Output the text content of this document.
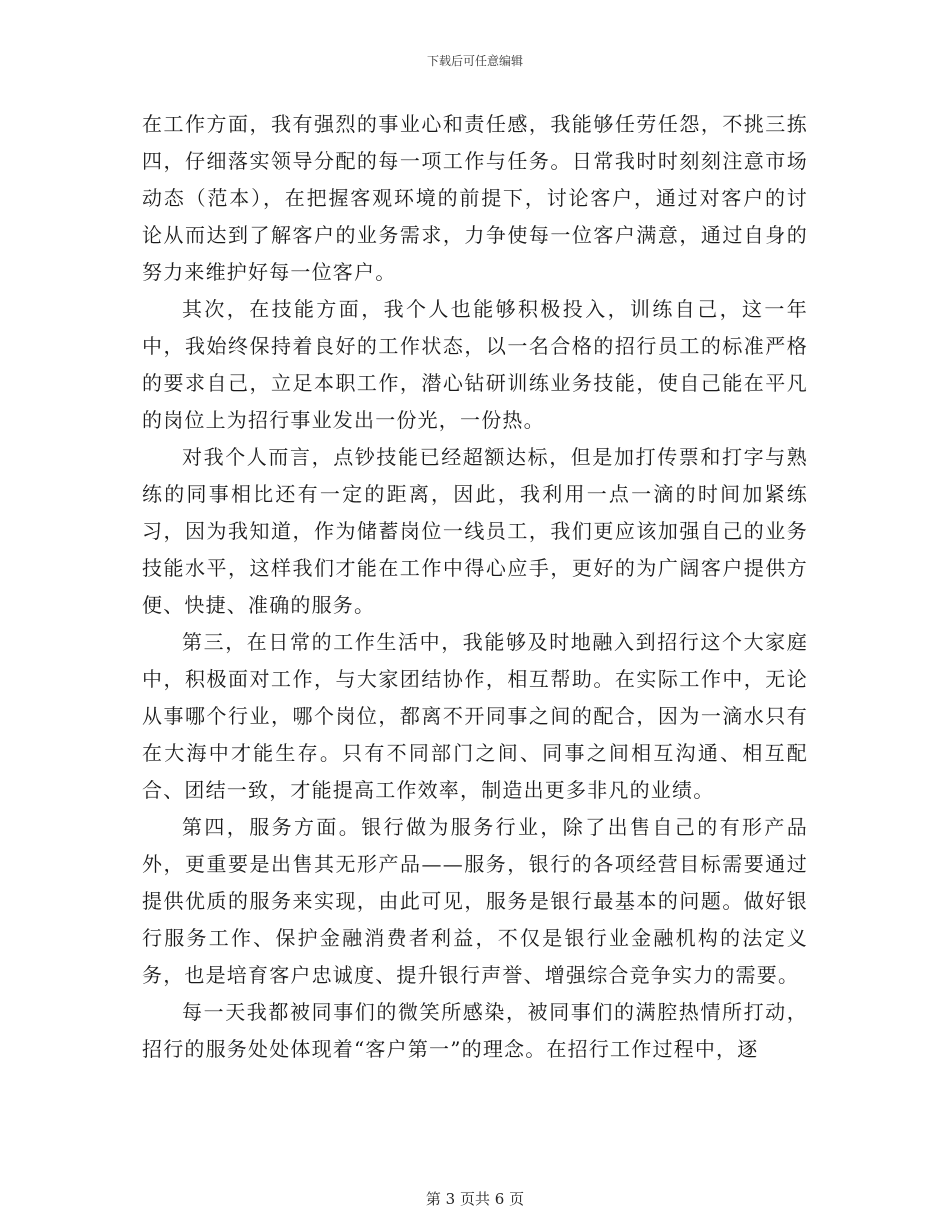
下载后可任意编辑

在工作方面，我有强烈的事业心和责任感，我能够任劳任怨，不挑三拣四，仔细落实领导分配的每一项工作与任务。日常我时时刻刻注意市场动态（范本），在把握客观环境的前提下，讨论客户，通过对客户的讨论从而达到了解客户的业务需求，力争使每一位客户满意，通过自身的努力来维护好每一位客户。

其次，在技能方面，我个人也能够积极投入，训练自己，这一年中，我始终保持着良好的工作状态，以一名合格的招行员工的标准严格的要求自己，立足本职工作，潜心钻研训练业务技能，使自己能在平凡的岗位上为招行事业发出一份光，一份热。

对我个人而言，点钞技能已经超额达标，但是加打传票和打字与熟练的同事相比还有一定的距离，因此，我利用一点一滴的时间加紧练习，因为我知道，作为储蓄岗位一线员工，我们更应该加强自己的业务技能水平，这样我们才能在工作中得心应手，更好的为广阔客户提供方便、快捷、准确的服务。

第三，在日常的工作生活中，我能够及时地融入到招行这个大家庭中，积极面对工作，与大家团结协作，相互帮助。在实际工作中，无论从事哪个行业，哪个岗位，都离不开同事之间的配合，因为一滴水只有在大海中才能生存。只有不同部门之间、同事之间相互沟通、相互配合、团结一致，才能提高工作效率，制造出更多非凡的业绩。

第四，服务方面。银行做为服务行业，除了出售自己的有形产品外，更重要是出售其无形产品——服务，银行的各项经营目标需要通过提供优质的服务来实现，由此可见，服务是银行最基本的问题。做好银行服务工作、保护金融消费者利益，不仅是银行业金融机构的法定义务，也是培育客户忠诚度、提升银行声誉、增强综合竞争实力的需要。

每一天我都被同事们的微笑所感染，被同事们的满腔热情所打动，招行的服务处处体现着“客户第一”的理念。在招行工作过程中，逐

第 3 页共 6 页
